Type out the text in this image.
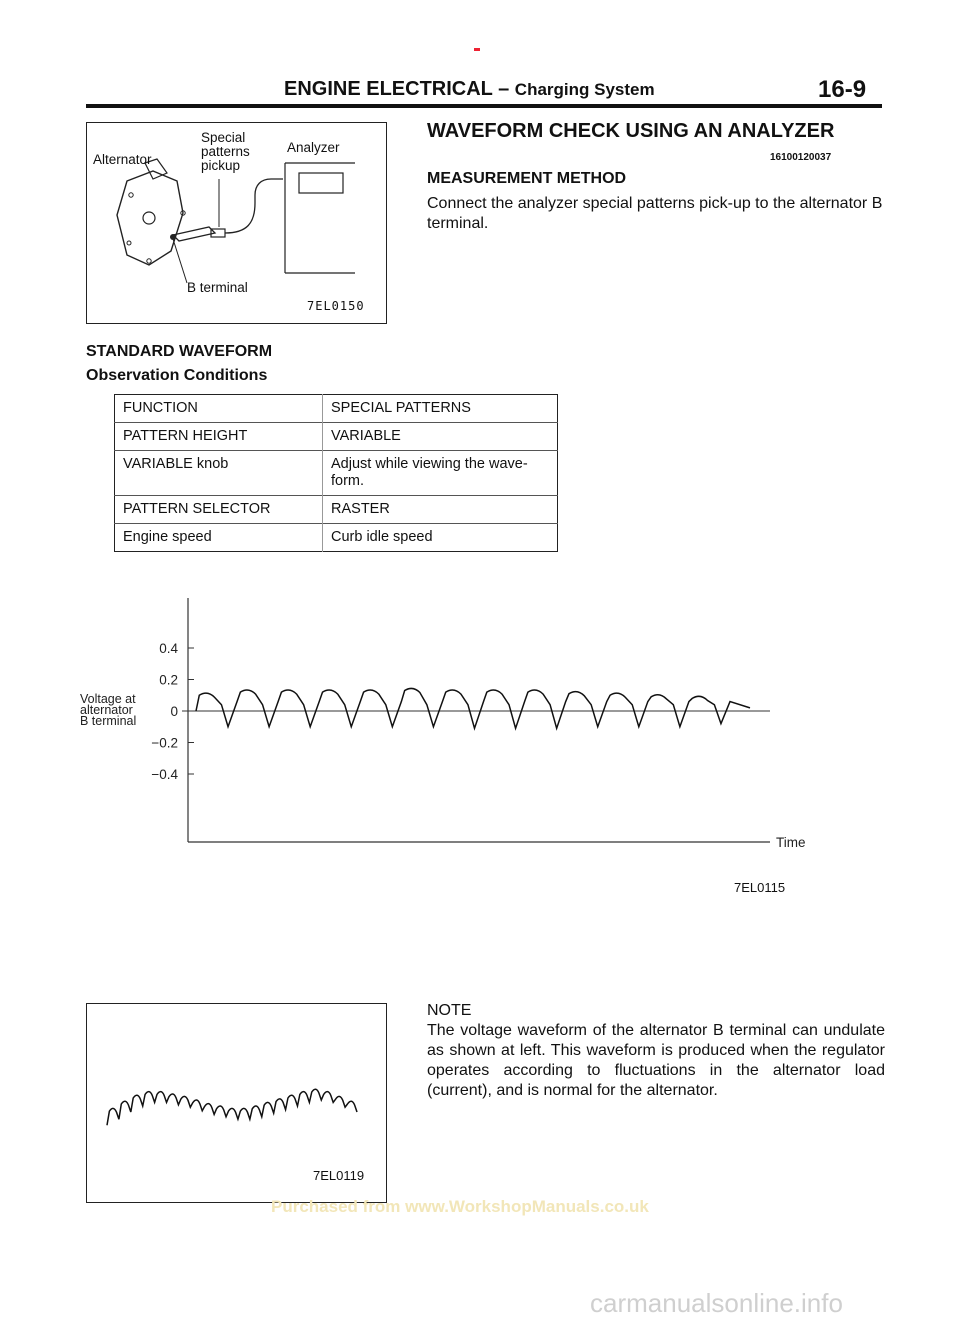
ENGINE ELECTRICAL – Charging System	16-9
Special
patterns
pickup
Alternator
Analyzer
B terminal
7EL0150
WAVEFORM CHECK USING AN ANALYZER
16100120037
MEASUREMENT METHOD
Connect the analyzer special patterns pick-up to the alternator B terminal.
STANDARD WAVEFORM
Observation Conditions
FUNCTION	SPECIAL PATTERNS
PATTERN HEIGHT	VARIABLE
VARIABLE knob	Adjust while viewing the wave-
form.
PATTERN SELECTOR	RASTER
Engine speed	Curb idle speed
0.4
0.2
0
−0.2
−0.4
Voltage at
alternator
B terminal
Time
7EL0115
7EL0119
NOTE
The voltage waveform of the alternator B terminal can undulate as shown at left. This waveform is produced when the regulator operates according to fluctuations in the alternator load (current), and is normal for the alternator.
Purchased from www.WorkshopManuals.co.uk
carmanualsonline.info
